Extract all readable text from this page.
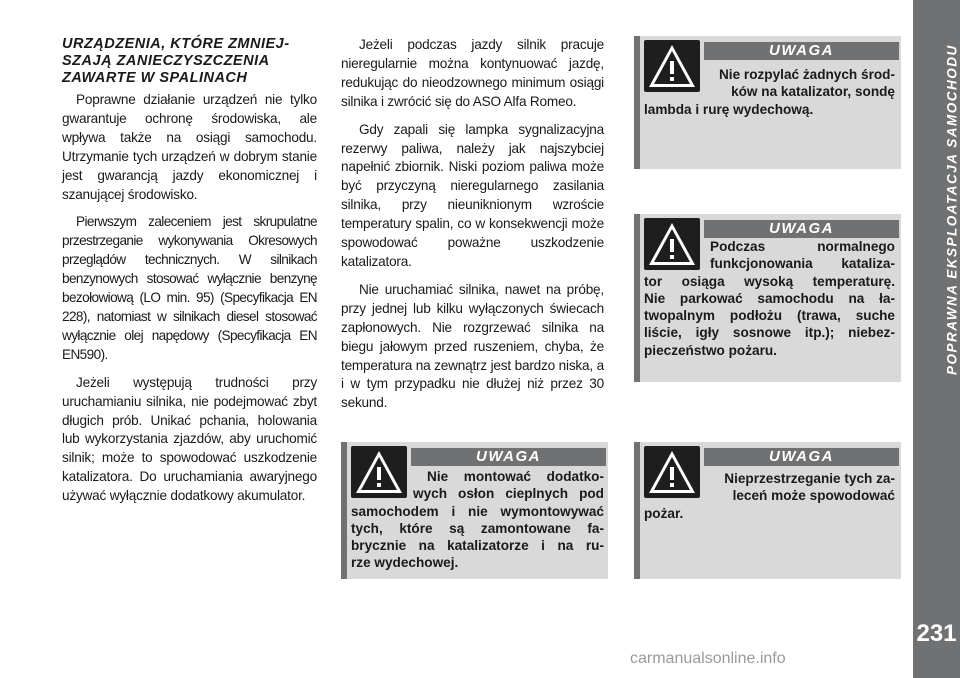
POPRAWNA EKSPLOATACJA SAMOCHODU
231
URZĄDZENIA, KTÓRE ZMNIEJ-
SZAJĄ ZANIECZYSZCZENIA
ZAWARTE W SPALINACH

Poprawne działanie urządzeń nie tylko gwarantuje ochronę środowiska, ale wpływa także na osiągi samochodu. Utrzymanie tych urządzeń w dobrym stanie jest gwarancją jazdy ekonomicznej i szanującej środowisko.

Pierwszym zaleceniem jest skrupulatne przestrzeganie wykonywania Okresowych przeglądów technicznych. W silnikach benzynowych stosować wyłącznie benzynę bezołowiową (LO min. 95) (Specyfikacja EN 228), natomiast w silnikach diesel stosować wyłącznie olej napędowy (Specyfikacja EN EN590).

Jeżeli występują trudności przy uruchamianiu silnika, nie podejmować zbyt długich prób. Unikać pchania, holowania lub wykorzystania zjazdów, aby uruchomić silnik; może to spowodować uszkodzenie katalizatora. Do uruchamiania awaryjnego używać wyłącznie dodatkowy akumulator.

Jeżeli podczas jazdy silnik pracuje nieregularnie można kontynuować jazdę, redukując do nieodzownego minimum osiągi silnika i zwrócić się do ASO Alfa Romeo.

Gdy zapali się lampka sygnalizacyjna rezerwy paliwa, należy jak najszybciej napełnić zbiornik. Niski poziom paliwa może być przyczyną nieregularnego zasilania silnika, przy nieuniknionym wzroście temperatury spalin, co w konsekwencji może spowodować poważne uszkodzenie katalizatora.

Nie uruchamiać silnika, nawet na próbę, przy jednej lub kilku wyłączonych świecach zapłonowych. Nie rozgrzewać silnika na biegu jałowym przed ruszeniem, chyba, że temperatura na zewnątrz jest bardzo niska, a i w tym przypadku nie dłużej niż przez 30 sekund.

UWAGA
Nie rozpylać żadnych środ-
ków na katalizator, sondę
lambda i rurę wydechową.
UWAGA
Podczas normalnego
funkcjonowania kataliza-
tor osiąga wysoką temperaturę.
Nie parkować samochodu na ła-
twopalnym podłożu (trawa, suche
liście, igły sosnowe itp.); niebez-
pieczeństwo pożaru.
UWAGA
Nie montować dodatko-
wych osłon cieplnych pod
samochodem i nie wymontowywać
tych, które są zamontowane fa-
brycznie na katalizatorze i na ru-
rze wydechowej.
UWAGA
Nieprzestrzeganie tych za-
leceń może spowodować
pożar.
carmanualsonline.info
